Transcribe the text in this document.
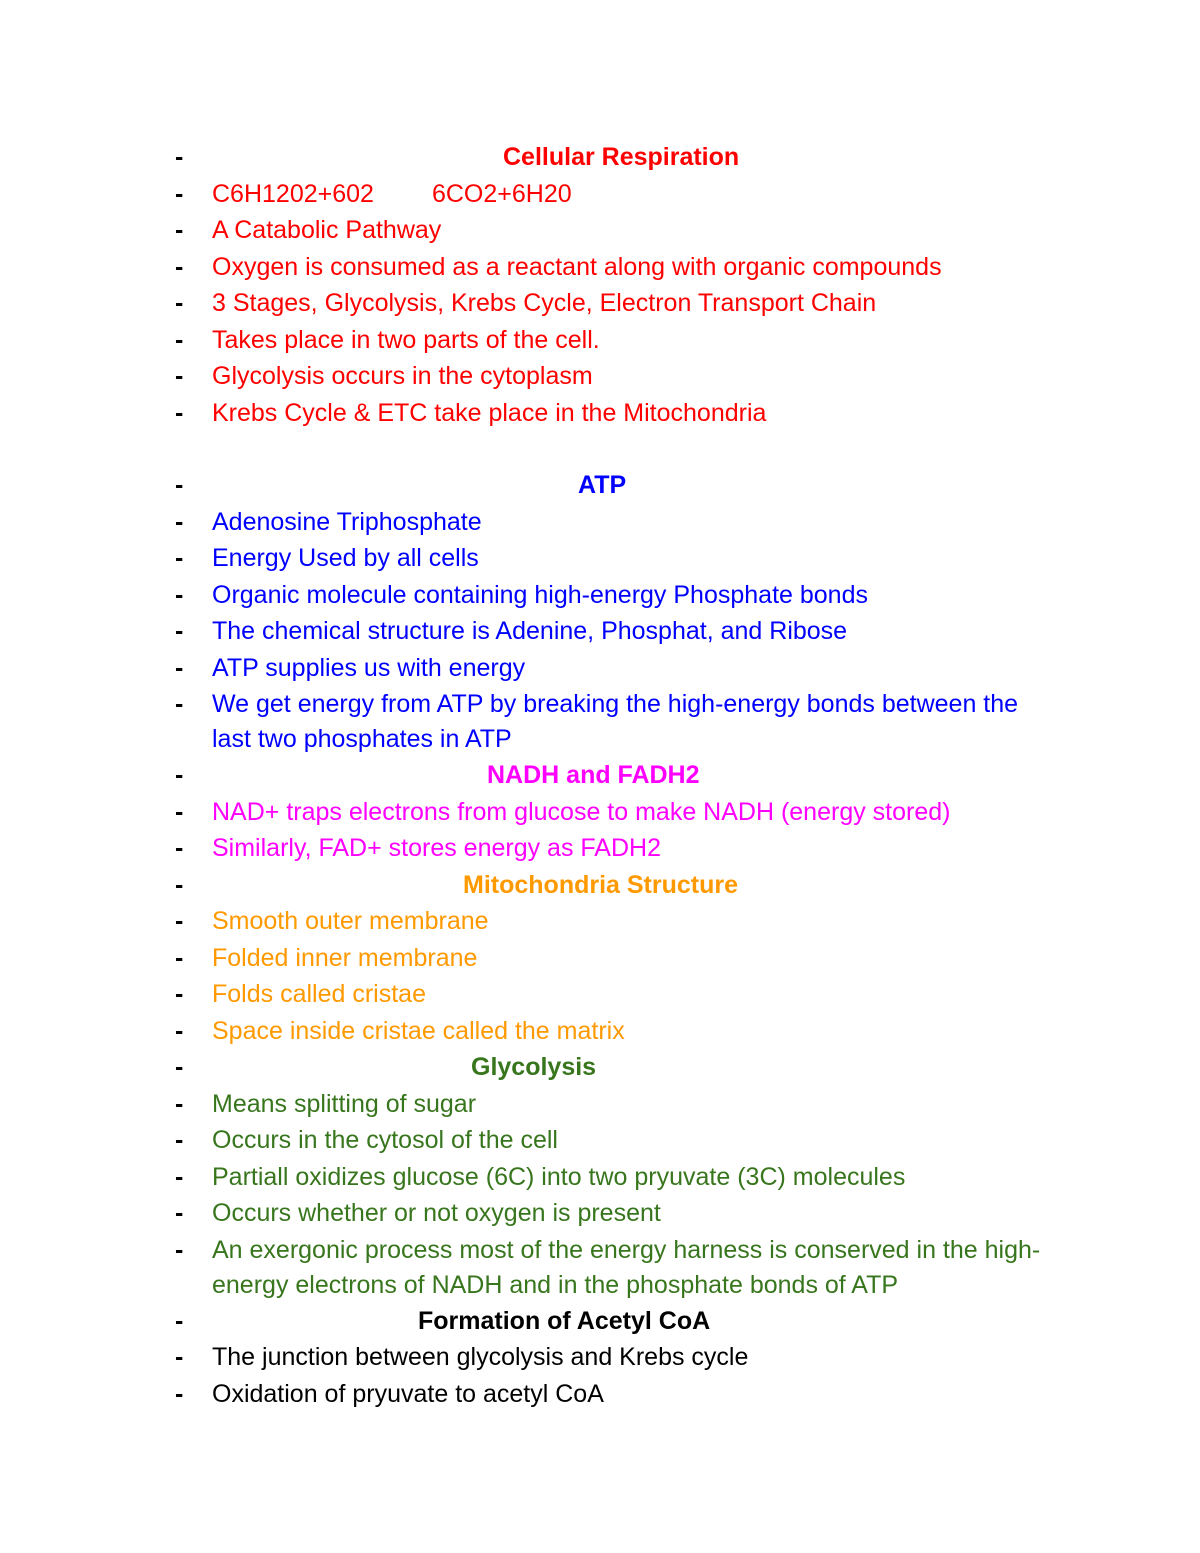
-	Cellular Respiration
- C6H1202+602 6CO2+6H20
- A Catabolic Pathway
- Oxygen is consumed as a reactant along with organic compounds
- 3 Stages, Glycolysis, Krebs Cycle, Electron Transport Chain
- Takes place in two parts of the cell.
- Glycolysis occurs in the cytoplasm
- Krebs Cycle & ETC take place in the Mitochondria
-	ATP
- Adenosine Triphosphate
- Energy Used by all cells
- Organic molecule containing high-energy Phosphate bonds
- The chemical structure is Adenine, Phosphat, and Ribose
- ATP supplies us with energy
- We get energy from ATP by breaking the high-energy bonds between the last two phosphates in ATP
-	NADH and FADH2
- NAD+ traps electrons from glucose to make NADH (energy stored)
- Similarly, FAD+ stores energy as FADH2
-	Mitochondria Structure
- Smooth outer membrane
- Folded inner membrane
- Folds called cristae
- Space inside cristae called the matrix
-	Glycolysis
- Means splitting of sugar
- Occurs in the cytosol of the cell
- Partiall oxidizes glucose (6C) into two pryuvate (3C) molecules
- Occurs whether or not oxygen is present
- An exergonic process most of the energy harness is conserved in the high-energy electrons of NADH and in the phosphate bonds of ATP
-	Formation of Acetyl CoA
- The junction between glycolysis and Krebs cycle
- Oxidation of pryuvate to acetyl CoA
